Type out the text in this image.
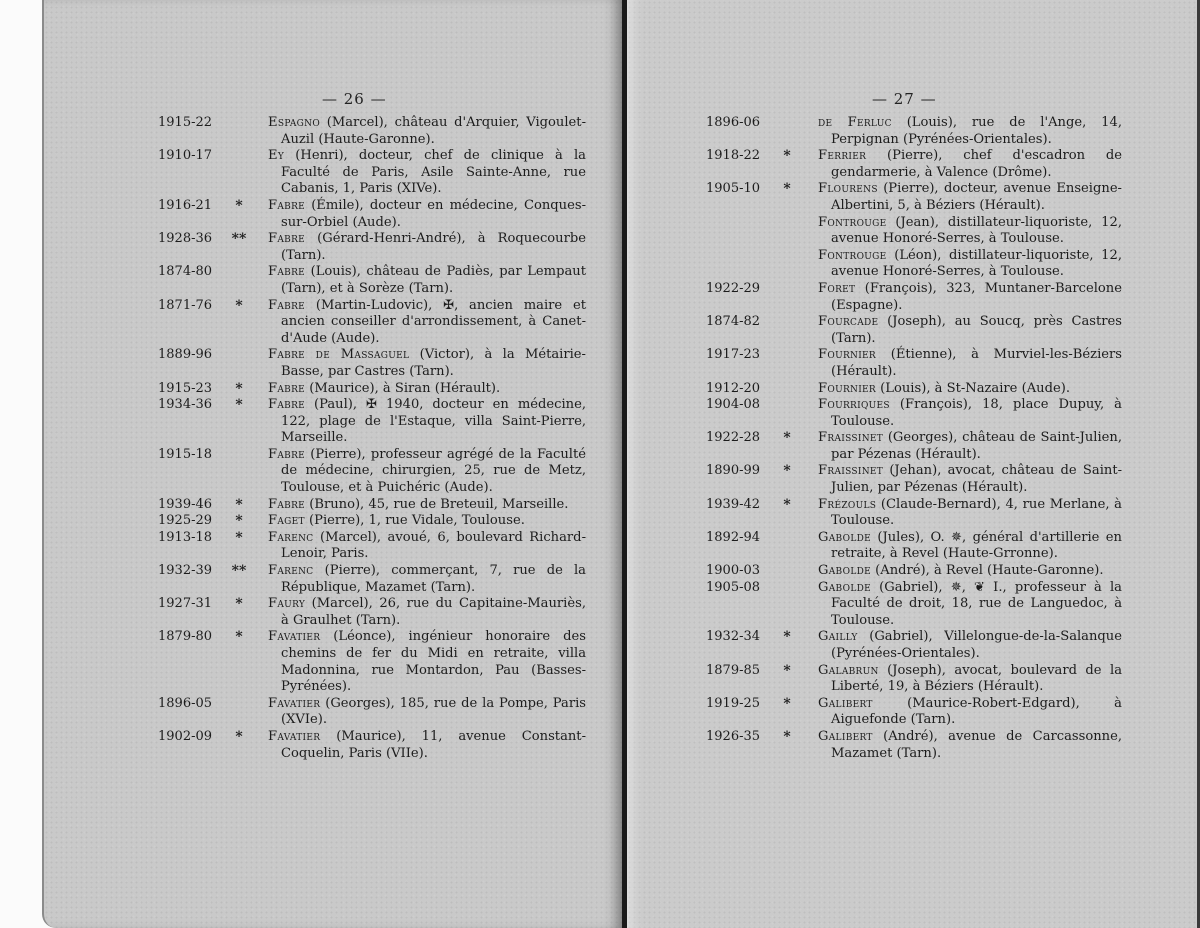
— 26 —
1915-22	Espagno (Marcel), château d'Arquier, Vigoulet-Auzil (Haute-Garonne).
1910-17	Ey (Henri), docteur, chef de clinique à la Faculté de Paris, Asile Sainte-Anne, rue Cabanis, 1, Paris (XIVe).
1916-21	*	Fabre (Émile), docteur en médecine, Conques-sur-Orbiel (Aude).
1928-36	**	Fabre (Gérard-Henri-André), à Roquecourbe (Tarn).
1874-80	Fabre (Louis), château de Padiès, par Lempaut (Tarn), et à Sorèze (Tarn).
1871-76	*	Fabre (Martin-Ludovic), ✠, ancien maire et ancien conseiller d'arrondissement, à Canet-d'Aude (Aude).
1889-96	Fabre de Massaguel (Victor), à la Métairie-Basse, par Castres (Tarn).
1915-23	*	Fabre (Maurice), à Siran (Hérault).
1934-36	*	Fabre (Paul), ✠ 1940, docteur en médecine, 122, plage de l'Estaque, villa Saint-Pierre, Marseille.
1915-18	Fabre (Pierre), professeur agrégé de la Faculté de médecine, chirurgien, 25, rue de Metz, Toulouse, et à Puichéric (Aude).
1939-46	*	Fabre (Bruno), 45, rue de Breteuil, Marseille.
1925-29	*	Faget (Pierre), 1, rue Vidale, Toulouse.
1913-18	*	Farenc (Marcel), avoué, 6, boulevard Richard-Lenoir, Paris.
1932-39	**	Farenc (Pierre), commerçant, 7, rue de la République, Mazamet (Tarn).
1927-31	*	Faury (Marcel), 26, rue du Capitaine-Mauriès, à Graulhet (Tarn).
1879-80	*	Favatier (Léonce), ingénieur honoraire des chemins de fer du Midi en retraite, villa Madonnina, rue Montardon, Pau (Basses-Pyrénées).
1896-05	Favatier (Georges), 185, rue de la Pompe, Paris (XVIe).
1902-09	*	Favatier (Maurice), 11, avenue Constant-Coquelin, Paris (VIIe).
— 27 —
1896-06	de Ferluc (Louis), rue de l'Ange, 14, Perpignan (Pyrénées-Orientales).
1918-22	*	Ferrier (Pierre), chef d'escadron de gendarmerie, à Valence (Drôme).
1905-10	*	Flourens (Pierre), docteur, avenue Enseigne-Albertini, 5, à Béziers (Hérault).
Fontrouge (Jean), distillateur-liquoriste, 12, avenue Honoré-Serres, à Toulouse.
Fontrouge (Léon), distillateur-liquoriste, 12, avenue Honoré-Serres, à Toulouse.
1922-29	Foret (François), 323, Muntaner-Barcelone (Espagne).
1874-82	Fourcade (Joseph), au Soucq, près Castres (Tarn).
1917-23	Fournier (Étienne), à Murviel-les-Béziers (Hérault).
1912-20	Fournier (Louis), à St-Nazaire (Aude).
1904-08	Fourriques (François), 18, place Dupuy, à Toulouse.
1922-28	*	Fraissinet (Georges), château de Saint-Julien, par Pézenas (Hérault).
1890-99	*	Fraissinet (Jehan), avocat, château de Saint-Julien, par Pézenas (Hérault).
1939-42	*	Frézouls (Claude-Bernard), 4, rue Merlane, à Toulouse.
1892-94	Gabolde (Jules), O. ✵, général d'artillerie en retraite, à Revel (Haute-Grronne).
1900-03	Gabolde (André), à Revel (Haute-Garonne).
1905-08	Gabolde (Gabriel), ✵, ❦ I., professeur à la Faculté de droit, 18, rue de Languedoc, à Toulouse.
1932-34	*	Gailly (Gabriel), Villelongue-de-la-Salanque (Pyrénées-Orientales).
1879-85	*	Galabrun (Joseph), avocat, boulevard de la Liberté, 19, à Béziers (Hérault).
1919-25	*	Galibert (Maurice-Robert-Edgard), à Aiguefonde (Tarn).
1926-35	*	Galibert (André), avenue de Carcassonne, Mazamet (Tarn).
